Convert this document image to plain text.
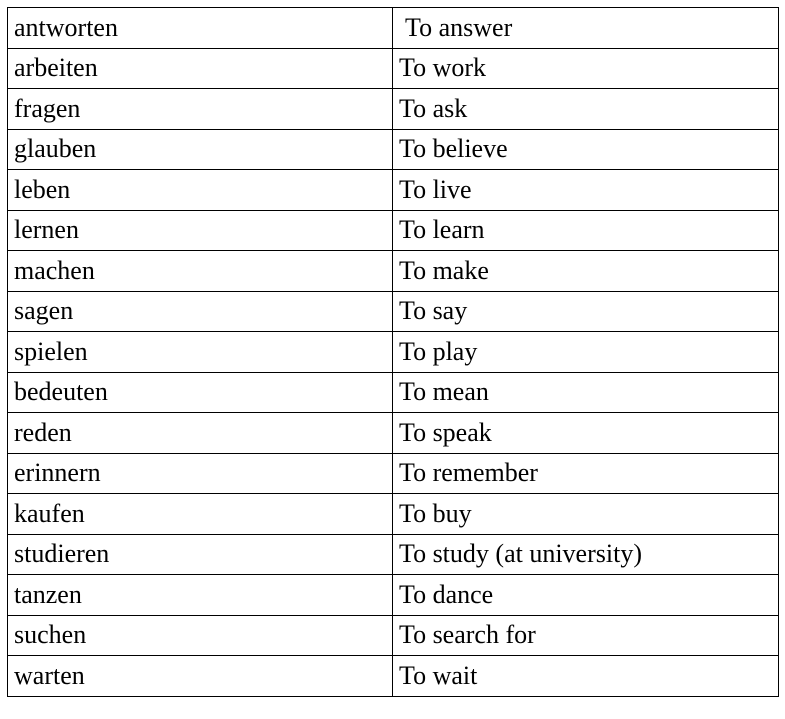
antworten	To answer
arbeiten	To work
fragen	To ask
glauben	To believe
leben	To live
lernen	To learn
machen	To make
sagen	To say
spielen	To play
bedeuten	To mean
reden	To speak
erinnern	To remember
kaufen	To buy
studieren	To study (at university)
tanzen	To dance
suchen	To search for
warten	To wait
